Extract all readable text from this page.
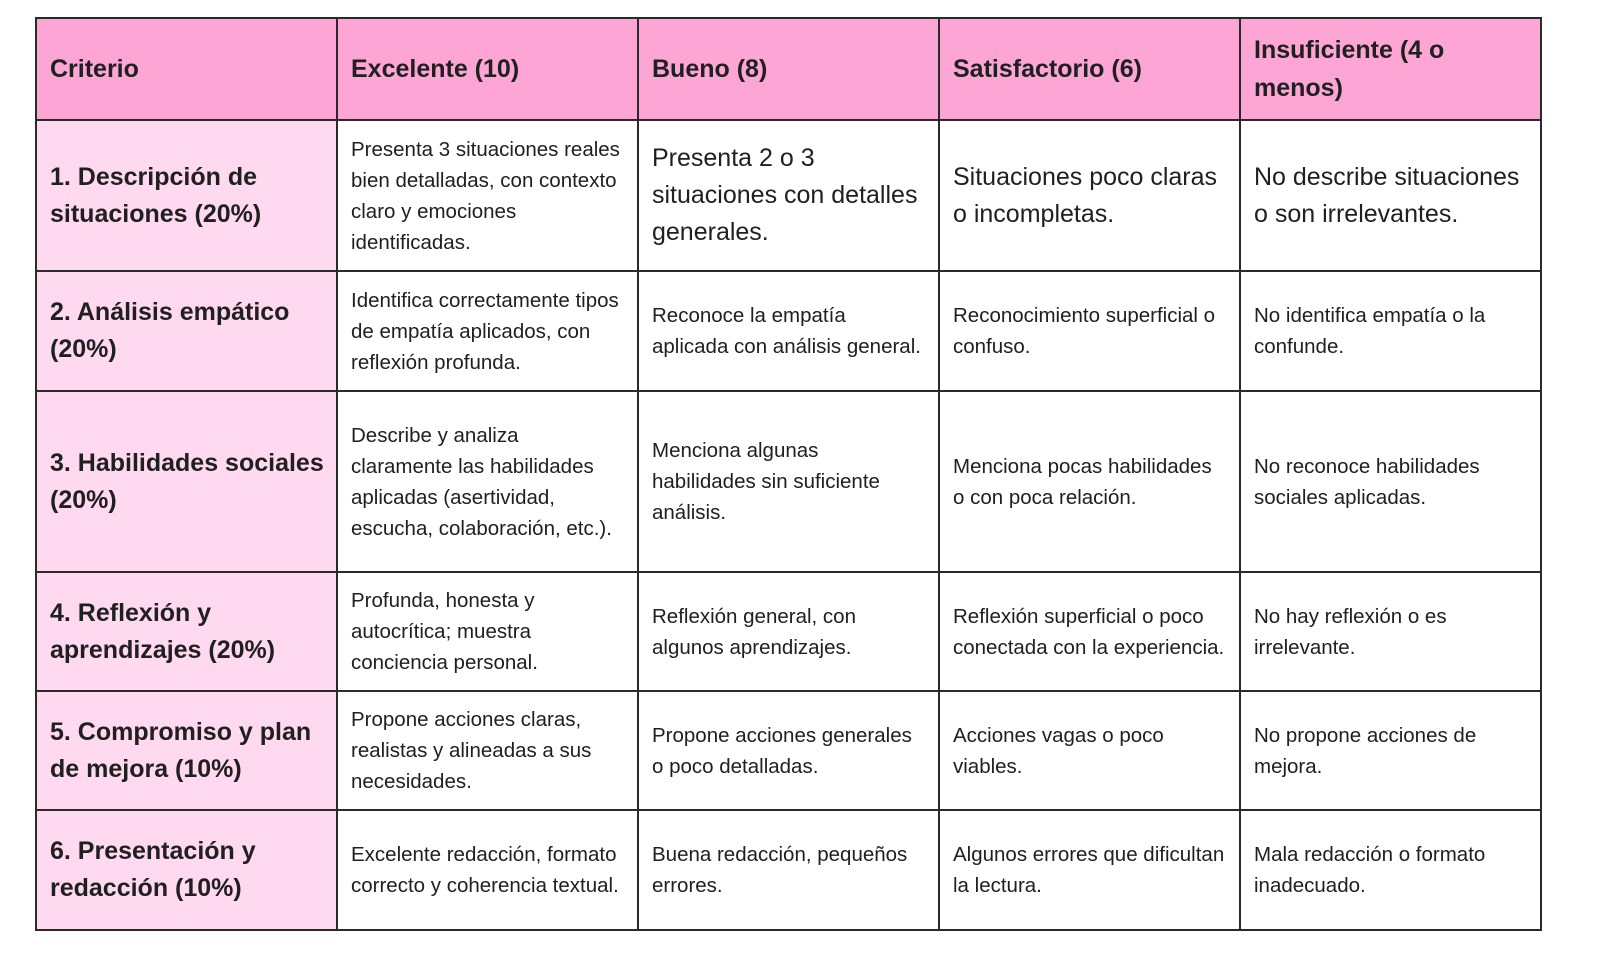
Criterio	Excelente (10)	Bueno (8)	Satisfactorio (6)	Insuficiente (4 o menos)
1. Descripción de situaciones (20%)	Presenta 3 situaciones reales bien detalladas, con contexto claro y emociones identificadas.	Presenta 2 o 3 situaciones con detalles generales.	Situaciones poco claras o incompletas.	No describe situaciones o son irrelevantes.
2. Análisis empático (20%)	Identifica correctamente tipos de empatía aplicados, con reflexión profunda.	Reconoce la empatía aplicada con análisis general.	Reconocimiento superficial o confuso.	No identifica empatía o la confunde.
3. Habilidades sociales (20%)	Describe y analiza claramente las habilidades aplicadas (asertividad, escucha, colaboración, etc.).	Menciona algunas habilidades sin suficiente análisis.	Menciona pocas habilidades o con poca relación.	No reconoce habilidades sociales aplicadas.
4. Reflexión y aprendizajes (20%)	Profunda, honesta y autocrítica; muestra conciencia personal.	Reflexión general, con algunos aprendizajes.	Reflexión superficial o poco conectada con la experiencia.	No hay reflexión o es irrelevante.
5. Compromiso y plan de mejora (10%)	Propone acciones claras, realistas y alineadas a sus necesidades.	Propone acciones generales o poco detalladas.	Acciones vagas o poco viables.	No propone acciones de mejora.
6. Presentación y redacción (10%)	Excelente redacción, formato correcto y coherencia textual.	Buena redacción, pequeños errores.	Algunos errores que dificultan la lectura.	Mala redacción o formato inadecuado.
